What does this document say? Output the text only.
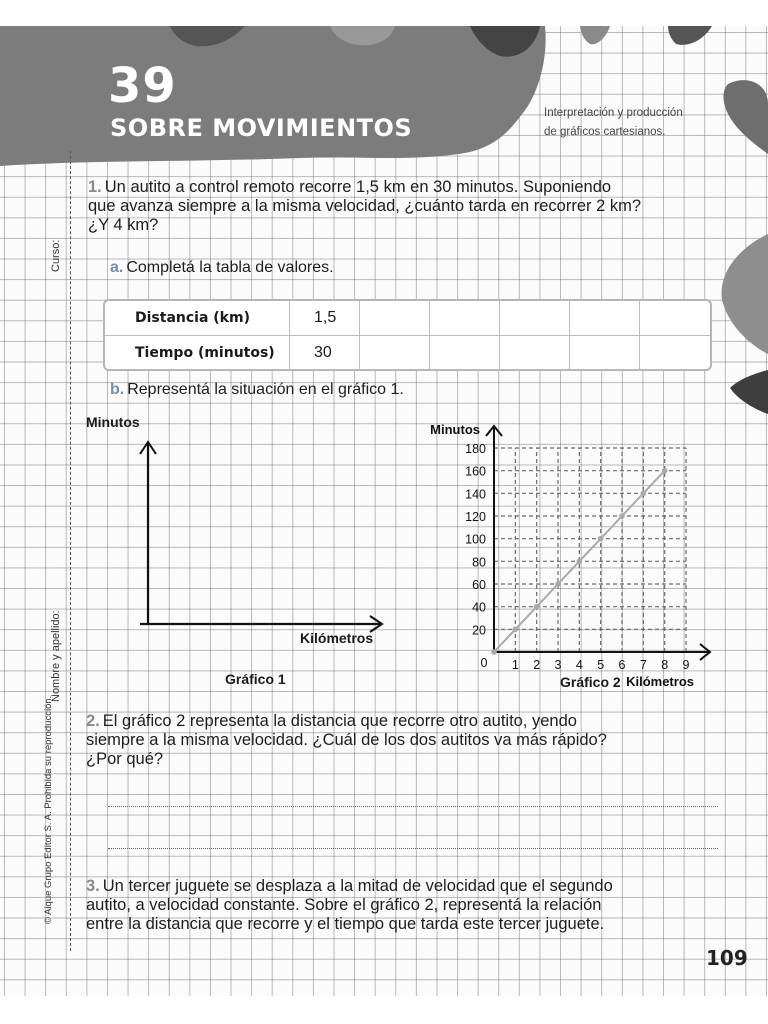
39
SOBRE MOVIMIENTOS
Interpretación y producción
de gráficos cartesianos.
Curso:
Nombre y apellido:
© Aique Grupo Editor S. A. Prohibida su reproducción.
1. Un autito a control remoto recorre 1,5 km en 30 minutos. Suponiendo
que avanza siempre a la misma velocidad, ¿cuánto tarda en recorrer 2 km?
¿Y 4 km?
a. Completá la tabla de valores.
Distancia (km)	1,5
Tiempo (minutos)	30
b. Representá la situación en el gráfico 1.
Minutos
Kilómetros
Gráfico 1
20
40
60
80
100
120
140
160
180
1 2 3 4 5 6 7 8 9
0
Minutos
Kilómetros
Gráfico 2
2. El gráfico 2 representa la distancia que recorre otro autito, yendo
siempre a la misma velocidad. ¿Cuál de los dos autitos va más rápido?
¿Por qué?
3. Un tercer juguete se desplaza a la mitad de velocidad que el segundo
autito, a velocidad constante. Sobre el gráfico 2, representá la relación
entre la distancia que recorre y el tiempo que tarda este tercer juguete.
109
